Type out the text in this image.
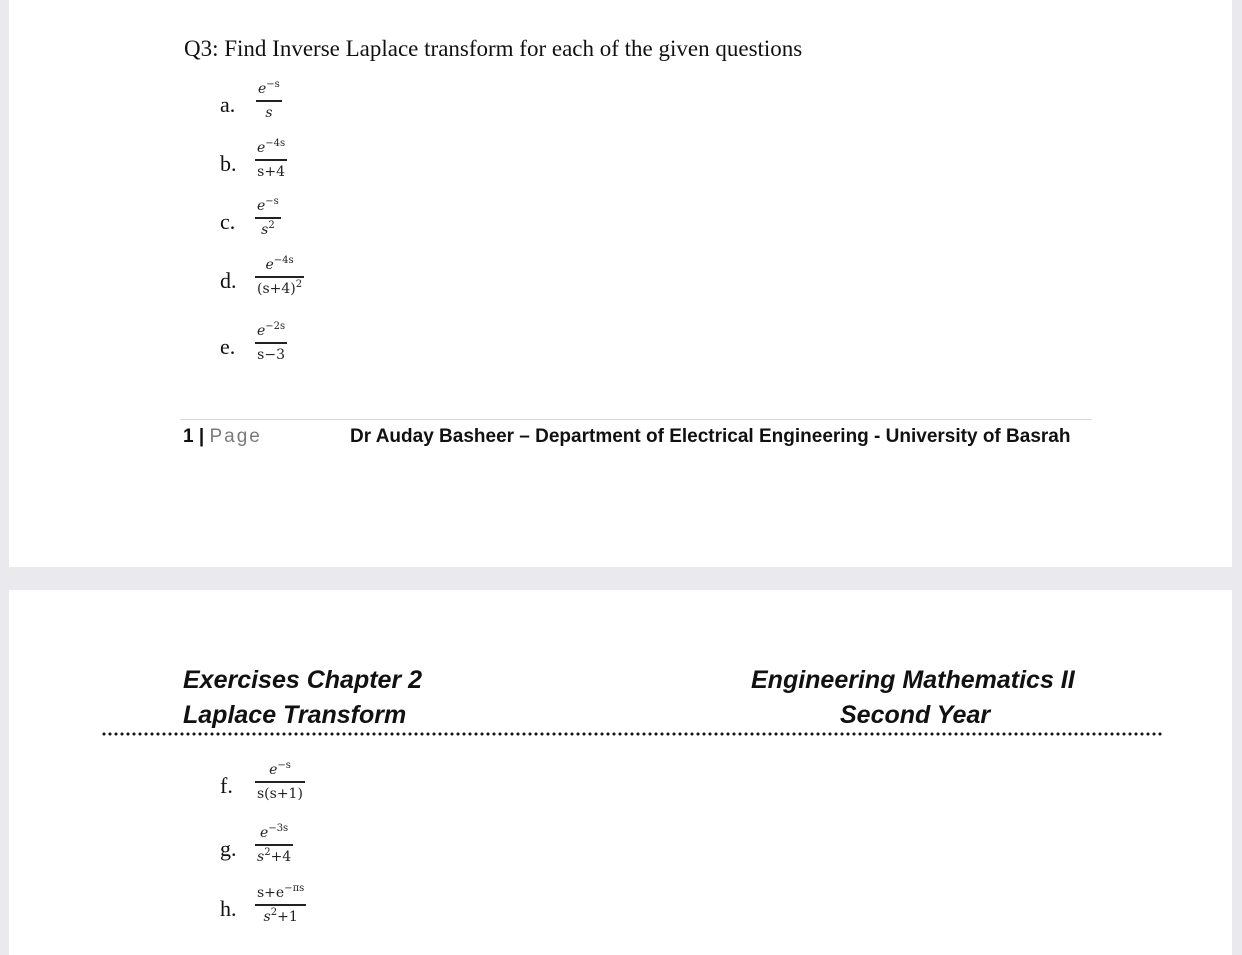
Q3: Find Inverse Laplace transform for each of the given questions
a.
$e^{-s}$
s
b.
$e^{-4s}$
s+4
c.
$e^{-s}$
$s^2$
d.
$e^{-4s}$
$(s+4)^2$
e.
$e^{-2s}$
s−3
1 | Page	Dr Auday Basheer – Department of Electrical Engineering - University of Basrah
Exercises Chapter 2
Laplace Transform
Engineering Mathematics II
Second Year
f.
$e^{-s}$
s(s+1)
g.
$e^{-3s}$
$s^2+4$
h.
$s+e^{-\pi s}$
$s^2+1$
